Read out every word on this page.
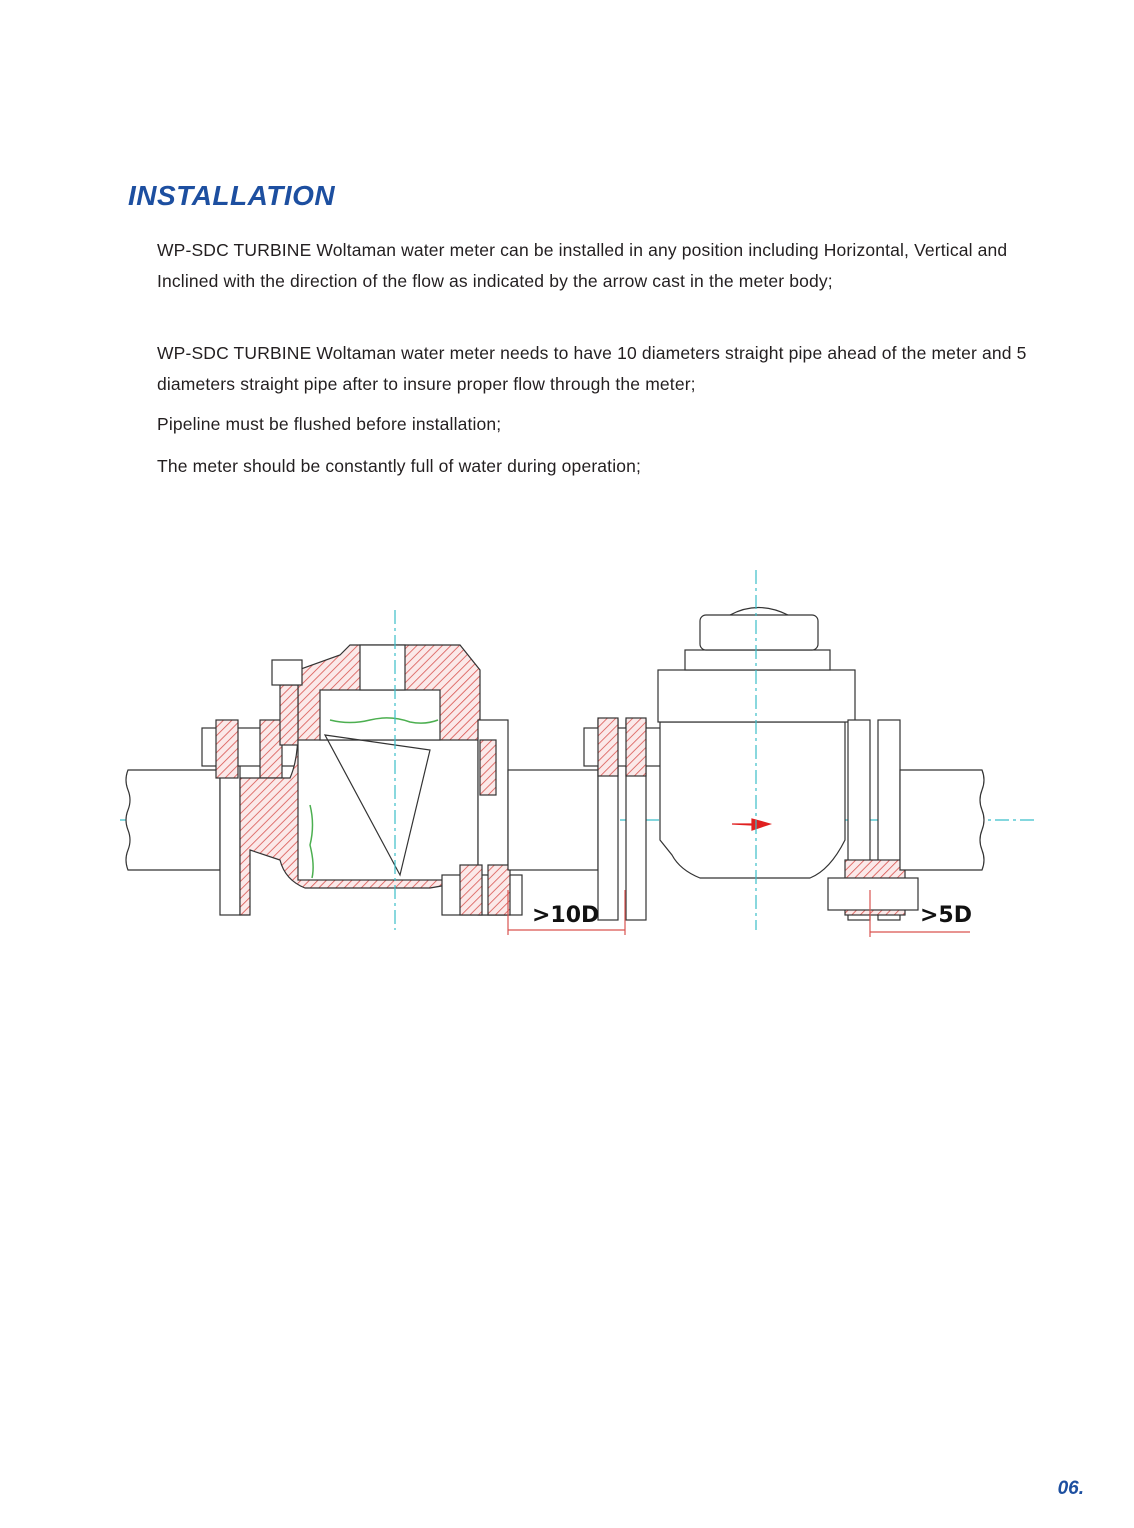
INSTALLATION

WP-SDC TURBINE Woltaman water meter can be installed in any position including Horizontal, Vertical and Inclined with the direction of the flow as indicated by the arrow cast in the meter body;

WP-SDC TURBINE Woltaman water meter needs to have 10 diameters straight pipe ahead of the meter and 5 diameters straight pipe after to insure proper flow through the meter;

Pipeline must be flushed before installation;

The meter should be constantly full of water during operation;

>10D	>5D
06.
